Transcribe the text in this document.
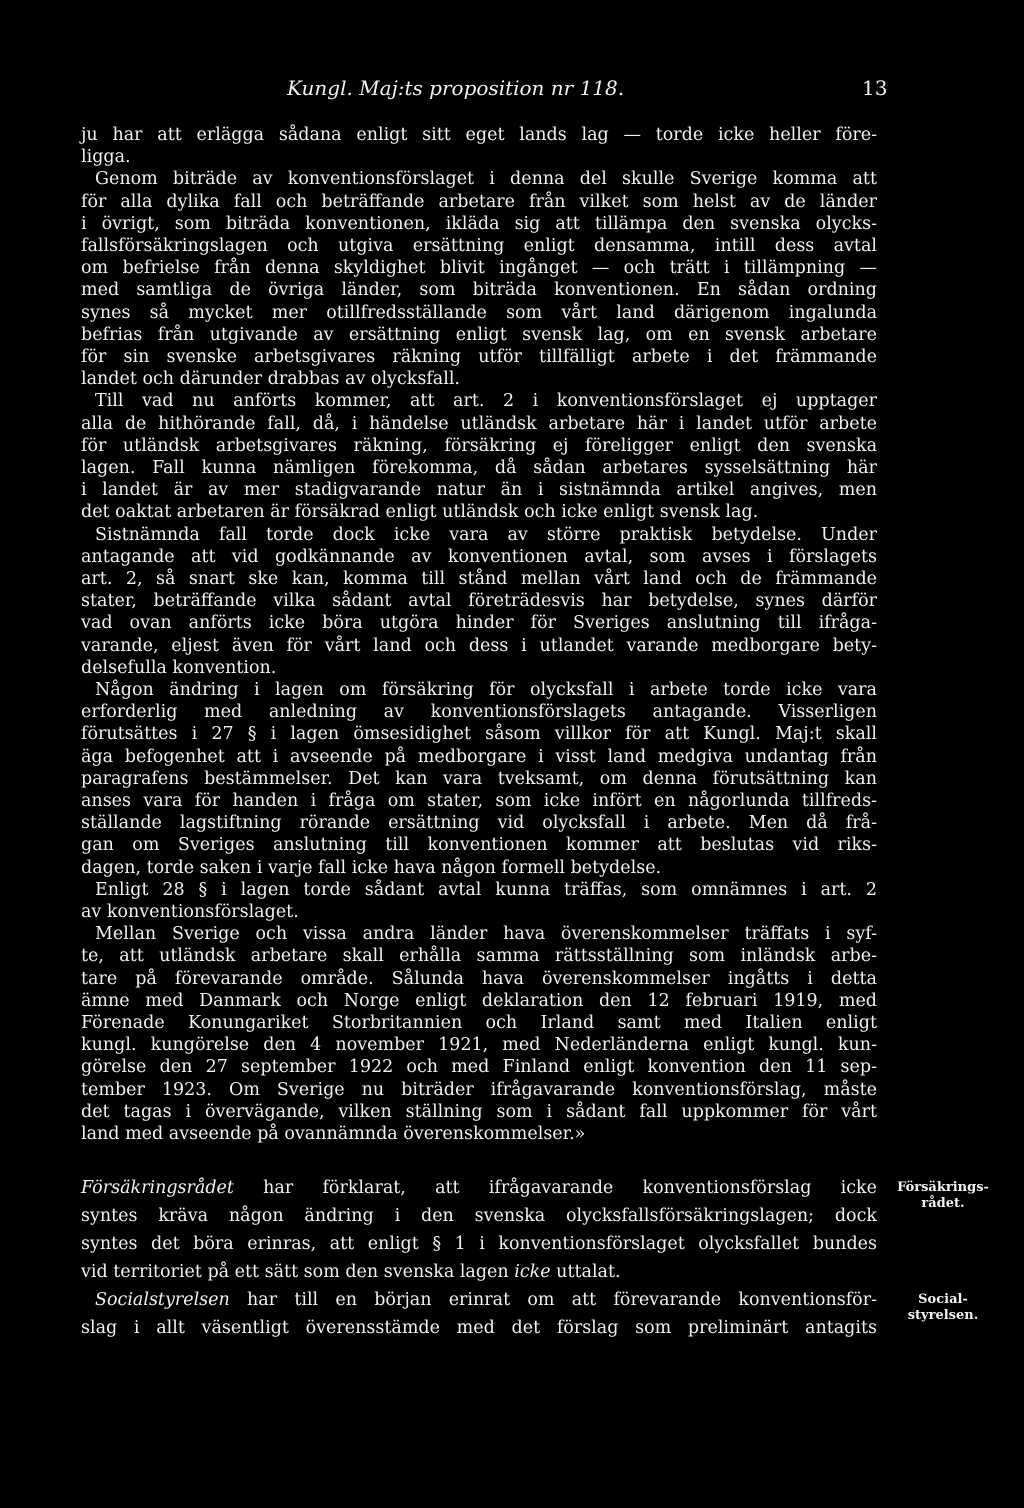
Kungl. Maj:ts proposition nr 118.	13
ju har att erlägga sådana enligt sitt eget lands lag — torde icke heller före-
ligga.
Genom biträde av konventionsförslaget i denna del skulle Sverige komma att
för alla dylika fall och beträffande arbetare från vilket som helst av de länder
i övrigt, som biträda konventionen, ikläda sig att tillämpa den svenska olycks-
fallsförsäkringslagen och utgiva ersättning enligt densamma, intill dess avtal
om befrielse från denna skyldighet blivit ingånget — och trätt i tillämpning —
med samtliga de övriga länder, som biträda konventionen. En sådan ordning
synes så mycket mer otillfredsställande som vårt land därigenom ingalunda
befrias från utgivande av ersättning enligt svensk lag, om en svensk arbetare
för sin svenske arbetsgivares räkning utför tillfälligt arbete i det främmande
landet och därunder drabbas av olycksfall.
Till vad nu anförts kommer, att art. 2 i konventionsförslaget ej upptager
alla de hithörande fall, då, i händelse utländsk arbetare här i landet utför arbete
för utländsk arbetsgivares räkning, försäkring ej föreligger enligt den svenska
lagen. Fall kunna nämligen förekomma, då sådan arbetares sysselsättning här
i landet är av mer stadigvarande natur än i sistnämnda artikel angives, men
det oaktat arbetaren är försäkrad enligt utländsk och icke enligt svensk lag.
Sistnämnda fall torde dock icke vara av större praktisk betydelse. Under
antagande att vid godkännande av konventionen avtal, som avses i förslagets
art. 2, så snart ske kan, komma till stånd mellan vårt land och de främmande
stater, beträffande vilka sådant avtal företrädesvis har betydelse, synes därför
vad ovan anförts icke böra utgöra hinder för Sveriges anslutning till ifråga-
varande, eljest även för vårt land och dess i utlandet varande medborgare bety-
delsefulla konvention.
Någon ändring i lagen om försäkring för olycksfall i arbete torde icke vara
erforderlig med anledning av konventionsförslagets antagande. Visserligen
förutsättes i 27 § i lagen ömsesidighet såsom villkor för att Kungl. Maj:t skall
äga befogenhet att i avseende på medborgare i visst land medgiva undantag från
paragrafens bestämmelser. Det kan vara tveksamt, om denna förutsättning kan
anses vara för handen i fråga om stater, som icke infört en någorlunda tillfreds-
ställande lagstiftning rörande ersättning vid olycksfall i arbete. Men då frå-
gan om Sveriges anslutning till konventionen kommer att beslutas vid riks-
dagen, torde saken i varje fall icke hava någon formell betydelse.
Enligt 28 § i lagen torde sådant avtal kunna träffas, som omnämnes i art. 2
av konventionsförslaget.
Mellan Sverige och vissa andra länder hava överenskommelser träffats i syf-
te, att utländsk arbetare skall erhålla samma rättsställning som inländsk arbe-
tare på förevarande område. Sålunda hava överenskommelser ingåtts i detta
ämne med Danmark och Norge enligt deklaration den 12 februari 1919, med
Förenade Konungariket Storbritannien och Irland samt med Italien enligt
kungl. kungörelse den 4 november 1921, med Nederländerna enligt kungl. kun-
görelse den 27 september 1922 och med Finland enligt konvention den 11 sep-
tember 1923. Om Sverige nu biträder ifrågavarande konventionsförslag, måste
det tagas i övervägande, vilken ställning som i sådant fall uppkommer för vårt
land med avseende på ovannämnda överenskommelser.»
Försäkringsrådet har förklarat, att ifrågavarande konventionsförslag icke
syntes kräva någon ändring i den svenska olycksfallsförsäkringslagen; dock
syntes det böra erinras, att enligt § 1 i konventionsförslaget olycksfallet bundes
vid territoriet på ett sätt som den svenska lagen icke uttalat.
Socialstyrelsen har till en början erinrat om att förevarande konventionsför-
slag i allt väsentligt överensstämde med det förslag som preliminärt antagits
Försäkrings-
rådet.
Social-
styrelsen.
